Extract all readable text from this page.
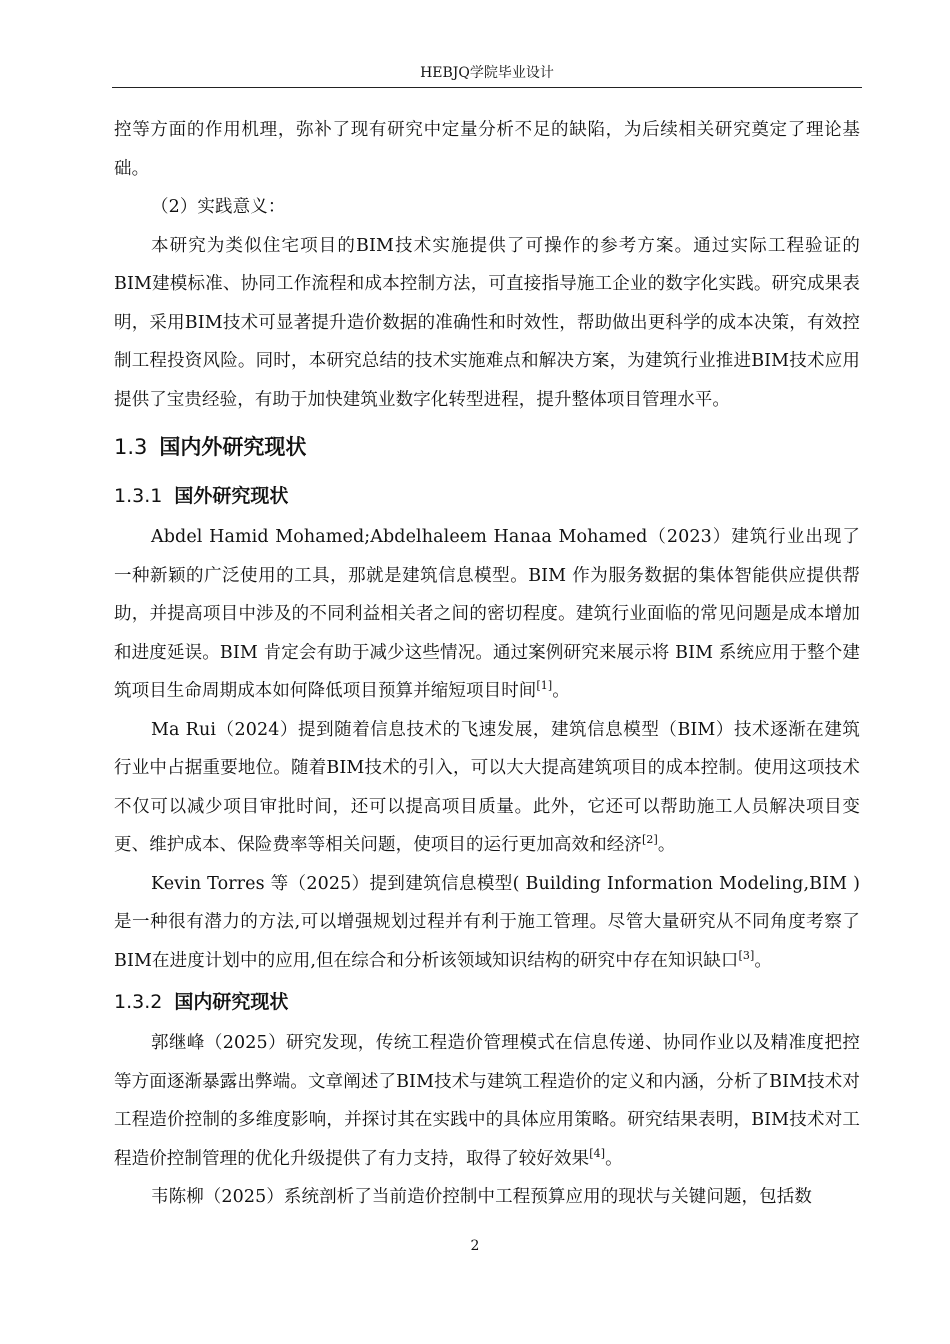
HEBJQ学院毕业设计

控等方面的作用机理，弥补了现有研究中定量分析不足的缺陷，为后续相关研究奠定了理论基础。

（2）实践意义：

本研究为类似住宅项目的BIM技术实施提供了可操作的参考方案。通过实际工程验证的BIM建模标准、协同工作流程和成本控制方法，可直接指导施工企业的数字化实践。研究成果表明，采用BIM技术可显著提升造价数据的准确性和时效性，帮助做出更科学的成本决策，有效控制工程投资风险。同时，本研究总结的技术实施难点和解决方案，为建筑行业推进BIM技术应用提供了宝贵经验，有助于加快建筑业数字化转型进程，提升整体项目管理水平。

1.3 国内外研究现状
1.3.1 国外研究现状

Abdel Hamid Mohamed;Abdelhaleem Hanaa Mohamed（2023）建筑行业出现了一种新颖的广泛使用的工具，那就是建筑信息模型。BIM 作为服务数据的集体智能供应提供帮助，并提高项目中涉及的不同利益相关者之间的密切程度。建筑行业面临的常见问题是成本增加和进度延误。BIM 肯定会有助于减少这些情况。通过案例研究来展示将 BIM 系统应用于整个建筑项目生命周期成本如何降低项目预算并缩短项目时间[1]。

Ma Rui（2024）提到随着信息技术的飞速发展，建筑信息模型（BIM）技术逐渐在建筑行业中占据重要地位。随着BIM技术的引入，可以大大提高建筑项目的成本控制。使用这项技术不仅可以减少项目审批时间，还可以提高项目质量。此外，它还可以帮助施工人员解决项目变更、维护成本、保险费率等相关问题，使项目的运行更加高效和经济[2]。

Kevin Torres 等（2025）提到建筑信息模型( Building Information Modeling,BIM )是一种很有潜力的方法,可以增强规划过程并有利于施工管理。尽管大量研究从不同角度考察了BIM在进度计划中的应用,但在综合和分析该领域知识结构的研究中存在知识缺口[3]。

1.3.2 国内研究现状

郭继峰（2025）研究发现，传统工程造价管理模式在信息传递、协同作业以及精准度把控等方面逐渐暴露出弊端。文章阐述了BIM技术与建筑工程造价的定义和内涵，分析了BIM技术对工程造价控制的多维度影响，并探讨其在实践中的具体应用策略。研究结果表明，BIM技术对工程造价控制管理的优化升级提供了有力支持，取得了较好效果[4]。

韦陈柳（2025）系统剖析了当前造价控制中工程预算应用的现状与关键问题，包括数

2
